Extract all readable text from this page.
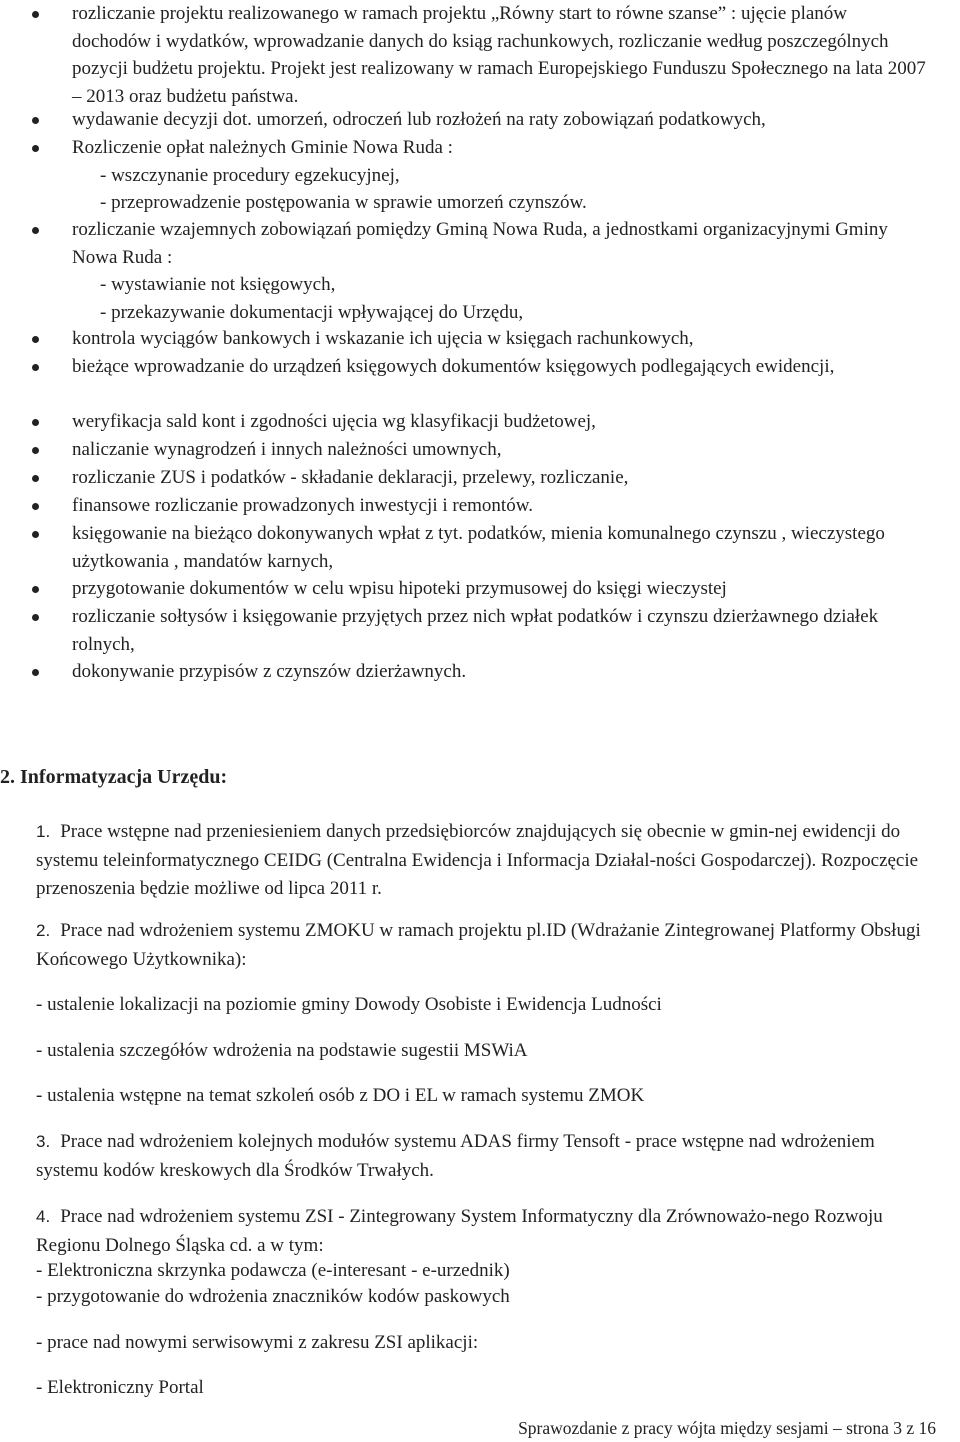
rozliczanie projektu realizowanego w ramach projektu „Równy start to równe szanse” : ujęcie planów dochodów i wydatków, wprowadzanie danych do ksiąg rachunkowych, rozliczanie według poszczególnych pozycji budżetu projektu. Projekt jest realizowany w ramach Europejskiego Funduszu Społecznego na lata 2007 – 2013 oraz budżetu państwa.
wydawanie decyzji dot. umorzeń, odroczeń lub rozłożeń na raty zobowiązań podatkowych,
Rozliczenie opłat należnych Gminie Nowa Ruda :
- wszczynanie procedury egzekucyjnej,
- przeprowadzenie postępowania w sprawie umorzeń czynszów.
rozliczanie wzajemnych zobowiązań pomiędzy Gminą Nowa Ruda, a jednostkami organizacyjnymi Gminy Nowa Ruda :
- wystawianie not księgowych,
- przekazywanie dokumentacji wpływającej do Urzędu,
kontrola wyciągów bankowych i wskazanie ich ujęcia w księgach rachunkowych,
bieżące wprowadzanie do urządzeń księgowych dokumentów księgowych podlegających ewidencji,
weryfikacja sald kont i zgodności ujęcia wg klasyfikacji budżetowej,
naliczanie wynagrodzeń i innych należności umownych,
rozliczanie ZUS i podatków - składanie deklaracji, przelewy, rozliczanie,
finansowe rozliczanie prowadzonych inwestycji i remontów.
księgowanie na bieżąco dokonywanych wpłat z tyt. podatków, mienia komunalnego czynszu , wieczystego użytkowania , mandatów karnych,
przygotowanie dokumentów w celu wpisu hipoteki przymusowej do księgi wieczystej
rozliczanie sołtysów i księgowanie przyjętych przez nich wpłat podatków i czynszu dzierżawnego działek rolnych,
dokonywanie przypisów z czynszów dzierżawnych.
2. Informatyzacja Urzędu:
1. Prace wstępne nad przeniesieniem danych przedsiębiorców znajdujących się obecnie w gmin-nej ewidencji do systemu teleinformatycznego CEIDG (Centralna Ewidencja i Informacja Działal-ności Gospodarczej). Rozpoczęcie przenoszenia będzie możliwe od lipca 2011 r.
2. Prace nad wdrożeniem systemu ZMOKU w ramach projektu pl.ID (Wdrażanie Zintegrowanej Platformy Obsługi Końcowego Użytkownika):
- ustalenie lokalizacji na poziomie gminy Dowody Osobiste i Ewidencja Ludności
- ustalenia szczegółów wdrożenia na podstawie sugestii MSWiA
- ustalenia wstępne na temat szkoleń osób z DO i EL w ramach systemu ZMOK
3. Prace nad wdrożeniem kolejnych modułów systemu ADAS firmy Tensoft - prace wstępne nad wdrożeniem systemu kodów kreskowych dla Środków Trwałych.
4. Prace nad wdrożeniem systemu ZSI - Zintegrowany System Informatyczny dla Zrównoważo-nego Rozwoju Regionu Dolnego Śląska cd. a w tym:
- Elektroniczna skrzynka podawcza (e-interesant - e-urzednik)
- przygotowanie do wdrożenia znaczników kodów paskowych
- prace nad nowymi serwisowymi z zakresu ZSI aplikacji:
- Elektroniczny Portal
Sprawozdanie z pracy wójta między sesjami – strona 3 z 16
